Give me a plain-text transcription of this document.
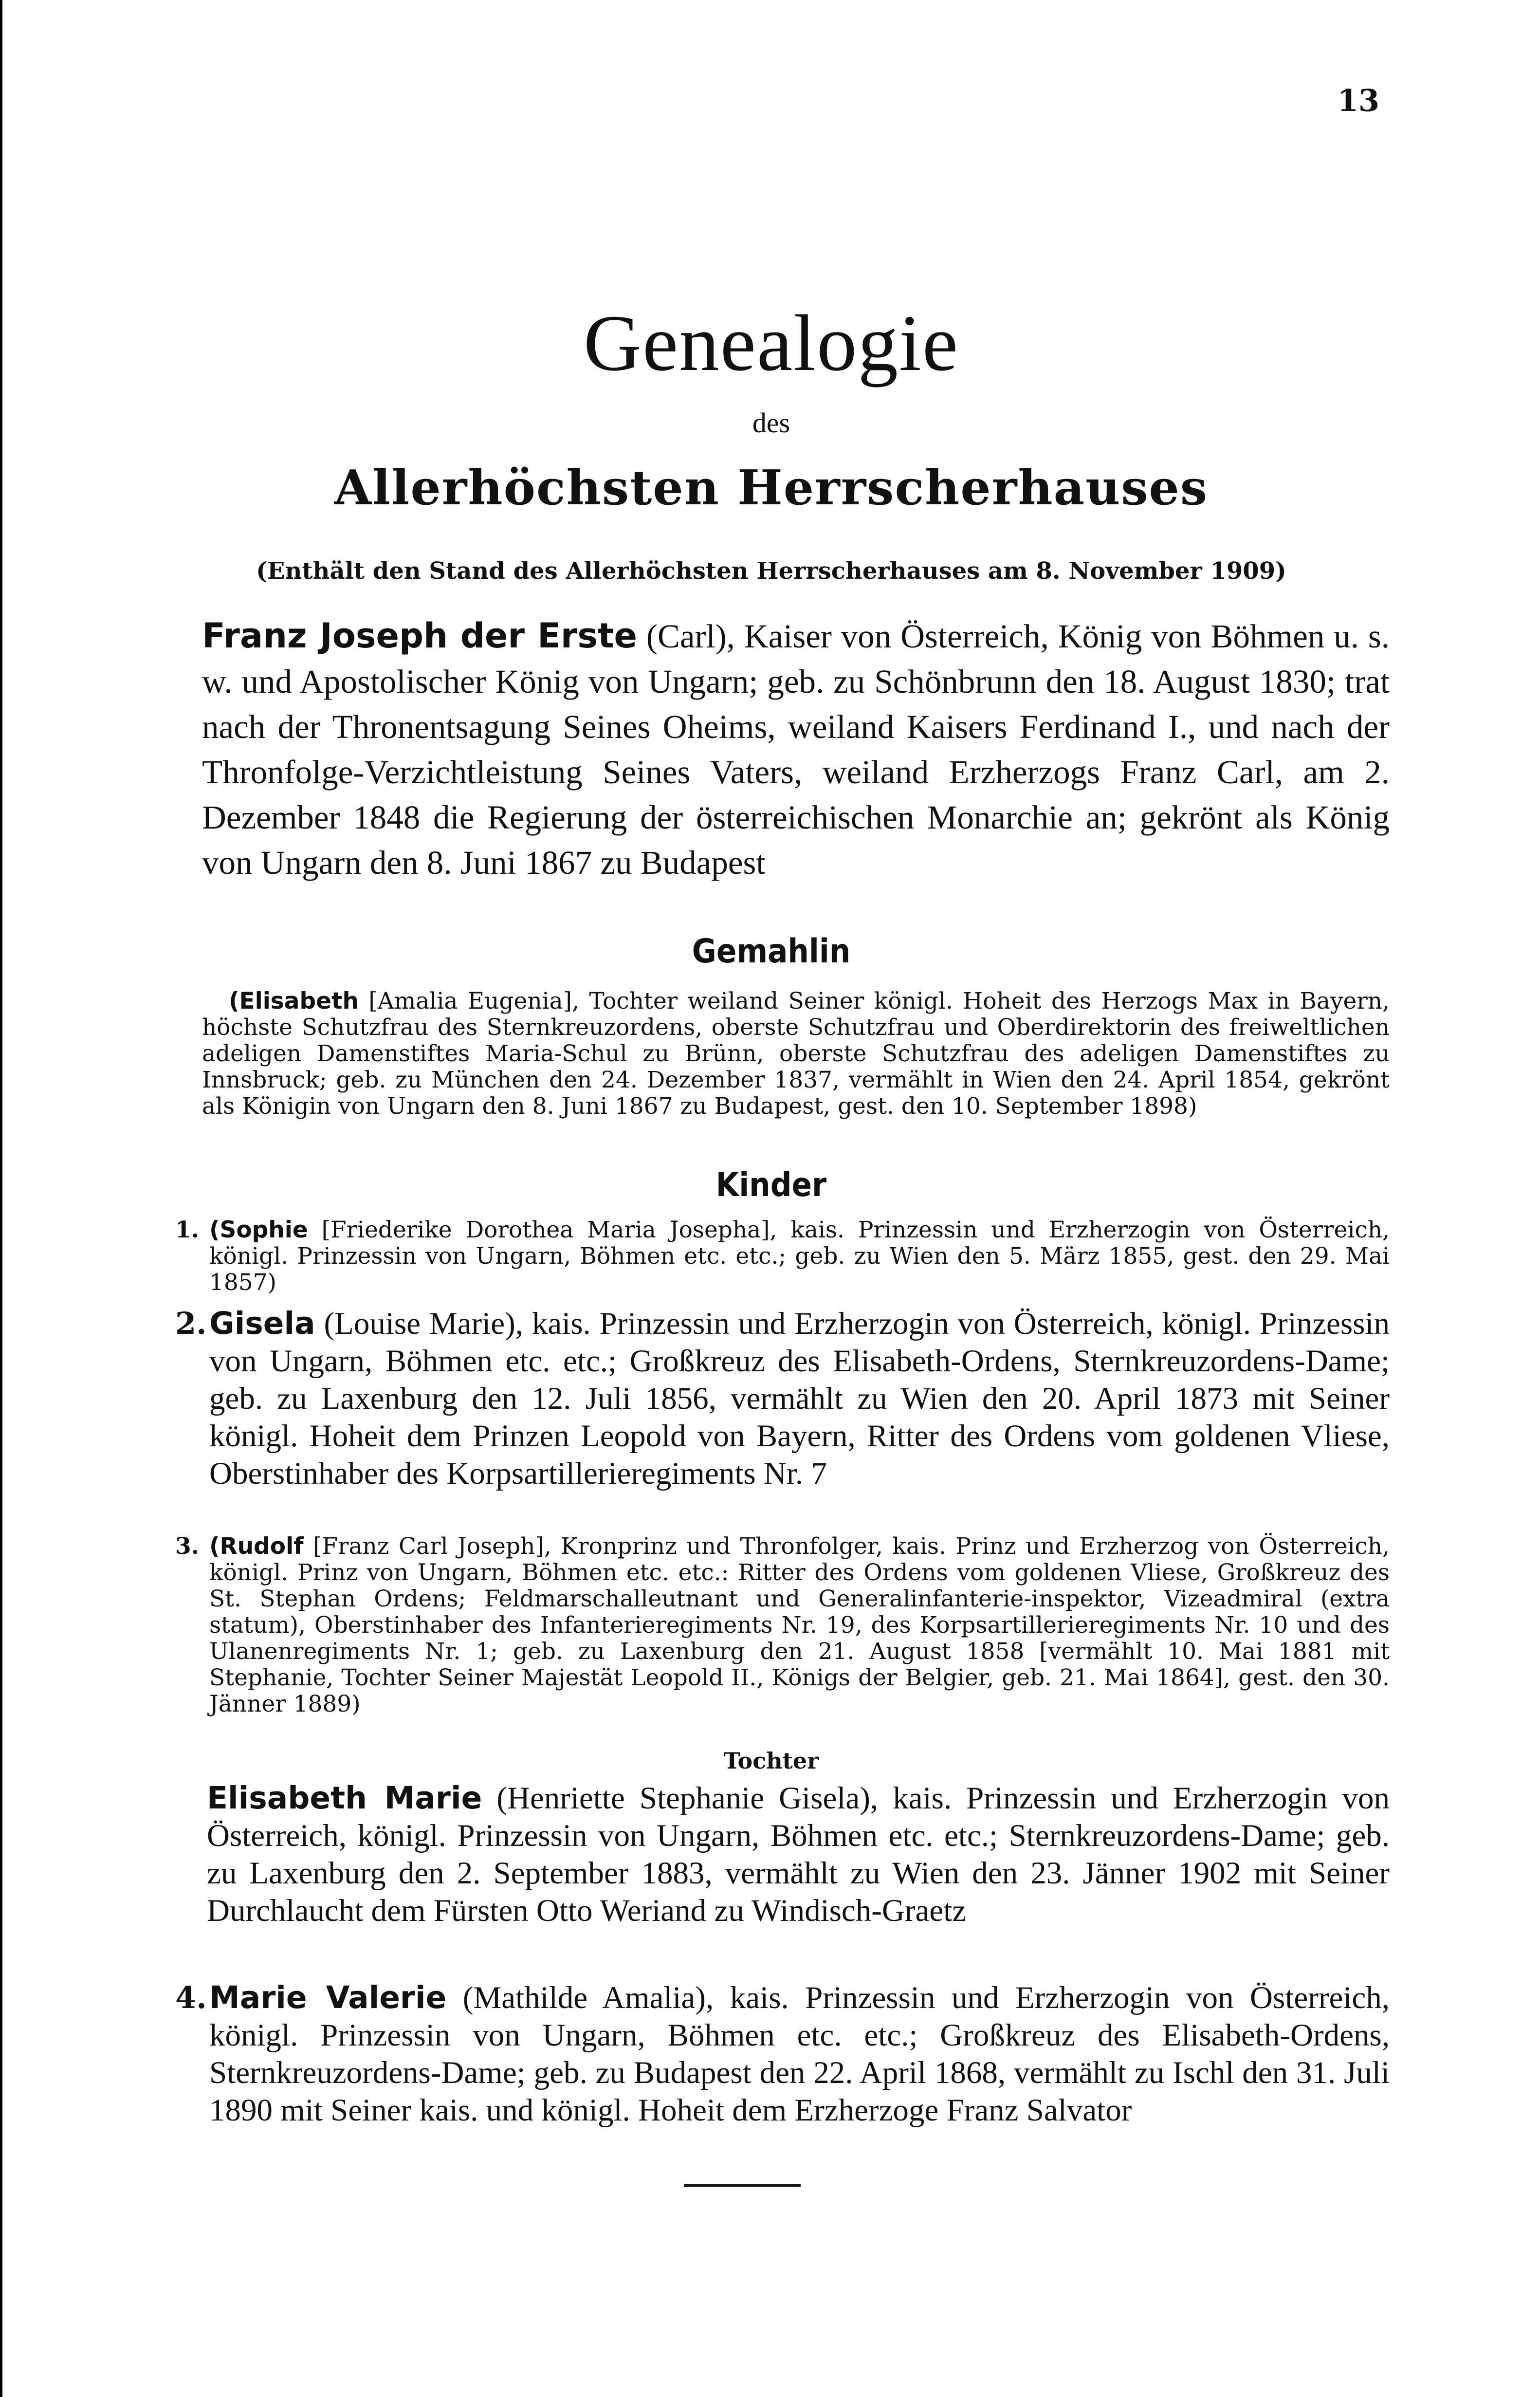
13
Genealogie
des
Allerhöchsten Herrscherhauses
(Enthält den Stand des Allerhöchsten Herrscherhauses am 8. November 1909)
Franz Joseph der Erste (Carl), Kaiser von Österreich, König von Böhmen u. s. w. und Apostolischer König von Ungarn; geb. zu Schönbrunn den 18. August 1830; trat nach der Thronentsagung Seines Oheims, weiland Kaisers Ferdinand I., und nach der Thronfolge-Verzichtleistung Seines Vaters, weiland Erzherzogs Franz Carl, am 2. Dezember 1848 die Regierung der österreichischen Monarchie an; gekrönt als König von Ungarn den 8. Juni 1867 zu Budapest
Gemahlin
(Elisabeth [Amalia Eugenia], Tochter weiland Seiner königl. Hoheit des Herzogs Max in Bayern, höchste Schutzfrau des Sternkreuzordens, oberste Schutzfrau und Oberdirektorin des freiweltlichen adeligen Damenstiftes Maria-Schul zu Brünn, oberste Schutzfrau des adeligen Damenstiftes zu Innsbruck; geb. zu München den 24. Dezember 1837, vermählt in Wien den 24. April 1854, gekrönt als Königin von Ungarn den 8. Juni 1867 zu Budapest, gest. den 10. September 1898)
Kinder
1. (Sophie [Friederike Dorothea Maria Josepha], kais. Prinzessin und Erzherzogin von Österreich, königl. Prinzessin von Ungarn, Böhmen etc. etc.; geb. zu Wien den 5. März 1855, gest. den 29. Mai 1857)
2. Gisela (Louise Marie), kais. Prinzessin und Erzherzogin von Österreich, königl. Prinzessin von Ungarn, Böhmen etc. etc.; Großkreuz des Elisabeth-Ordens, Sternkreuzordens-Dame; geb. zu Laxenburg den 12. Juli 1856, vermählt zu Wien den 20. April 1873 mit Seiner königl. Hoheit dem Prinzen Leopold von Bayern, Ritter des Ordens vom goldenen Vliese, Oberstinhaber des Korpsartillerieregiments Nr. 7
3. (Rudolf [Franz Carl Joseph], Kronprinz und Thronfolger, kais. Prinz und Erzherzog von Österreich, königl. Prinz von Ungarn, Böhmen etc. etc.: Ritter des Ordens vom goldenen Vliese, Großkreuz des St. Stephan Ordens; Feldmarschalleutnant und Generalinfanterie-inspektor, Vizeadmiral (extra statum), Oberstinhaber des Infanterieregiments Nr. 19, des Korpsartillerieregiments Nr. 10 und des Ulanenregiments Nr. 1; geb. zu Laxenburg den 21. August 1858 [vermählt 10. Mai 1881 mit Stephanie, Tochter Seiner Majestät Leopold II., Königs der Belgier, geb. 21. Mai 1864], gest. den 30. Jänner 1889)
Tochter
Elisabeth Marie (Henriette Stephanie Gisela), kais. Prinzessin und Erzherzogin von Österreich, königl. Prinzessin von Ungarn, Böhmen etc. etc.; Sternkreuzordens-Dame; geb. zu Laxenburg den 2. September 1883, vermählt zu Wien den 23. Jänner 1902 mit Seiner Durchlaucht dem Fürsten Otto Weriand zu Windisch-Graetz
4. Marie Valerie (Mathilde Amalia), kais. Prinzessin und Erzherzogin von Österreich, königl. Prinzessin von Ungarn, Böhmen etc. etc.; Großkreuz des Elisabeth-Ordens, Sternkreuzordens-Dame; geb. zu Budapest den 22. April 1868, vermählt zu Ischl den 31. Juli 1890 mit Seiner kais. und königl. Hoheit dem Erzherzoge Franz Salvator
